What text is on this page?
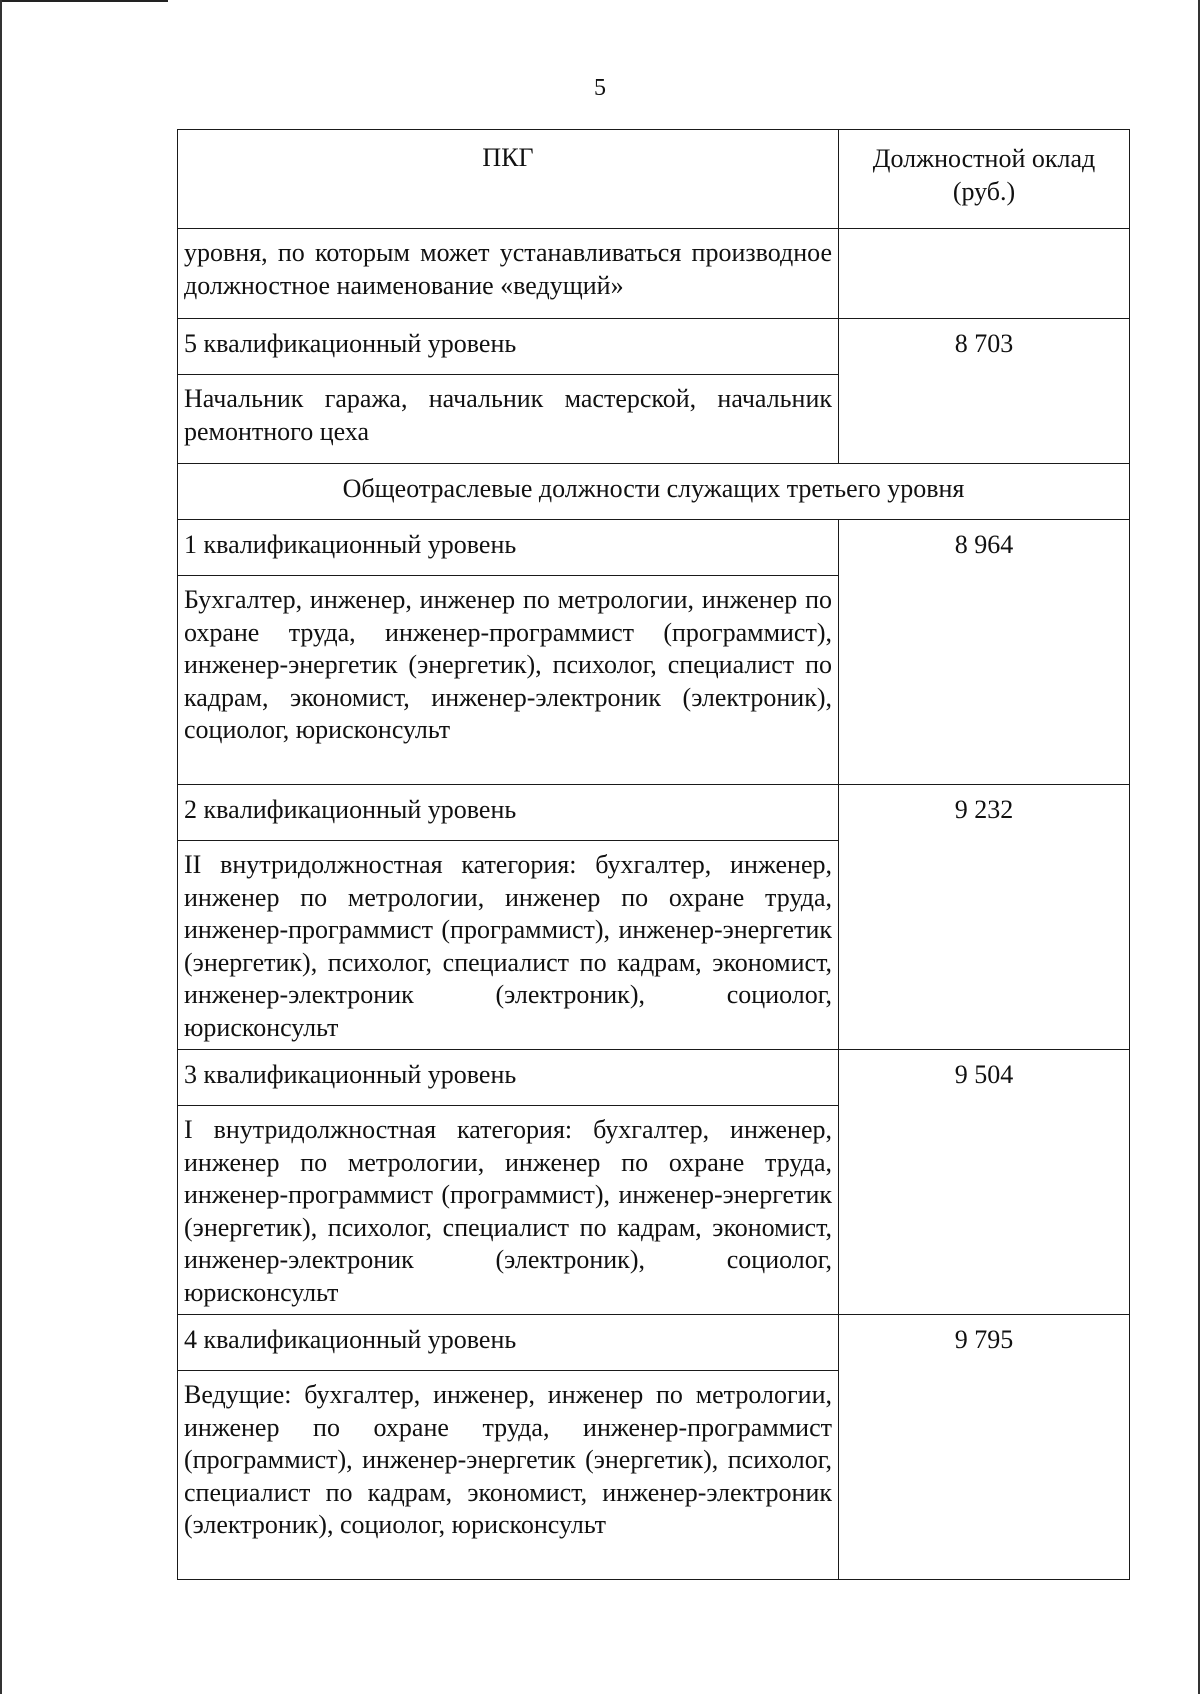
5
ПКГ	Должностной оклад (руб.)
уровня, по которым может устанавливаться производное должностное наименование «ведущий»	
5 квалификационный уровень	8 703
Начальник гаража, начальник мастерской, начальник ремонтного цеха	
Общеотраслевые должности служащих третьего уровня	
1 квалификационный уровень	8 964
Бухгалтер, инженер, инженер по метрологии, инженер по охране труда, инженер-программист (программист), инженер-энергетик (энергетик), психолог, специалист по кадрам, экономист, инженер-электроник (электроник), социолог, юрисконсульт	
2 квалификационный уровень	9 232
II внутридолжностная категория: бухгалтер, инженер, инженер по метрологии, инженер по охране труда, инженер-программист (программист), инженер-энергетик (энергетик), психолог, специалист по кадрам, экономист, инженер-электроник (электроник), социолог, юрисконсульт	
3 квалификационный уровень	9 504
I внутридолжностная категория: бухгалтер, инженер, инженер по метрологии, инженер по охране труда, инженер-программист (программист), инженер-энергетик (энергетик), психолог, специалист по кадрам, экономист, инженер-электроник (электроник), социолог, юрисконсульт	
4 квалификационный уровень	9 795
Ведущие: бухгалтер, инженер, инженер по метрологии, инженер по охране труда, инженер-программист (программист), инженер-энергетик (энергетик), психолог, специалист по кадрам, экономист, инженер-электроник (электроник), социолог, юрисконсульт	
